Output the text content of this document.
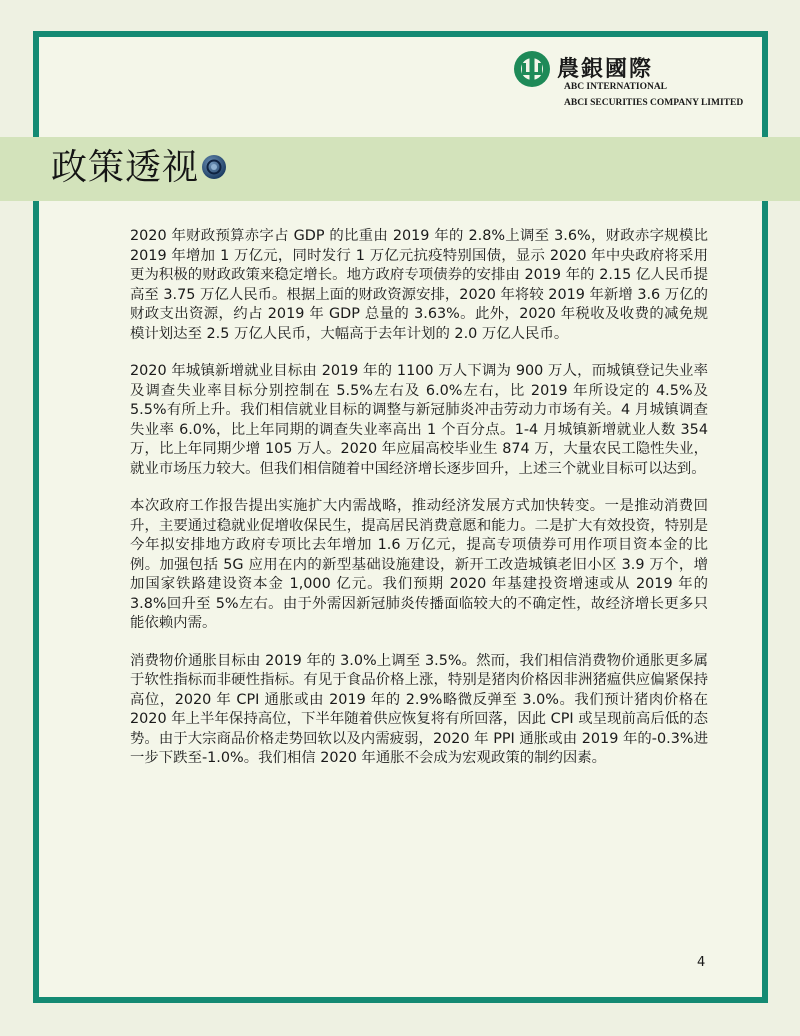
農銀國際
ABC INTERNATIONAL
ABCI SECURITIES COMPANY LIMITED
政策透视

2020 年财政预算赤字占 GDP 的比重由 2019 年的 2.8%上调至 3.6%，财政赤字规模比 2019 年增加 1 万亿元，同时发行 1 万亿元抗疫特别国债，显示 2020 年中央政府将采用更为积极的财政政策来稳定增长。地方政府专项债券的安排由 2019 年的 2.15 亿人民币提高至 3.75 万亿人民币。根据上面的财政资源安排，2020 年将较 2019 年新增 3.6 万亿的财政支出资源，约占 2019 年 GDP 总量的 3.63%。此外，2020 年税收及收费的减免规模计划达至 2.5 万亿人民币，大幅高于去年计划的 2.0 万亿人民币。

2020 年城镇新增就业目标由 2019 年的 1100 万人下调为 900 万人，而城镇登记失业率及调查失业率目标分别控制在 5.5%左右及 6.0%左右，比 2019 年所设定的 4.5%及 5.5%有所上升。我们相信就业目标的调整与新冠肺炎冲击劳动力市场有关。4 月城镇调查失业率 6.0%，比上年同期的调查失业率高出 1 个百分点。1-4 月城镇新增就业人数 354 万，比上年同期少增 105 万人。2020 年应届高校毕业生 874 万，大量农民工隐性失业，就业市场压力较大。但我们相信随着中国经济增长逐步回升，上述三个就业目标可以达到。

本次政府工作报告提出实施扩大内需战略，推动经济发展方式加快转变。一是推动消费回升，主要通过稳就业促增收保民生，提高居民消费意愿和能力。二是扩大有效投资，特别是今年拟安排地方政府专项比去年增加 1.6 万亿元，提高专项债券可用作项目资本金的比例。加强包括 5G 应用在内的新型基础设施建设，新开工改造城镇老旧小区 3.9 万个，增加国家铁路建设资本金 1,000 亿元。我们预期 2020 年基建投资增速或从 2019 年的 3.8%回升至 5%左右。由于外需因新冠肺炎传播面临较大的不确定性，故经济增长更多只能依赖内需。

消费物价通胀目标由 2019 年的 3.0%上调至 3.5%。然而，我们相信消费物价通胀更多属于软性指标而非硬性指标。有见于食品价格上涨，特别是猪肉价格因非洲猪瘟供应偏紧保持高位，2020 年 CPI 通胀或由 2019 年的 2.9%略微反弹至 3.0%。我们预计猪肉价格在 2020 年上半年保持高位，下半年随着供应恢复将有所回落，因此 CPI 或呈现前高后低的态势。由于大宗商品价格走势回软以及内需疲弱，2020 年 PPI 通胀或由 2019 年的-0.3%进一步下跌至-1.0%。我们相信 2020 年通胀不会成为宏观政策的制约因素。

4
